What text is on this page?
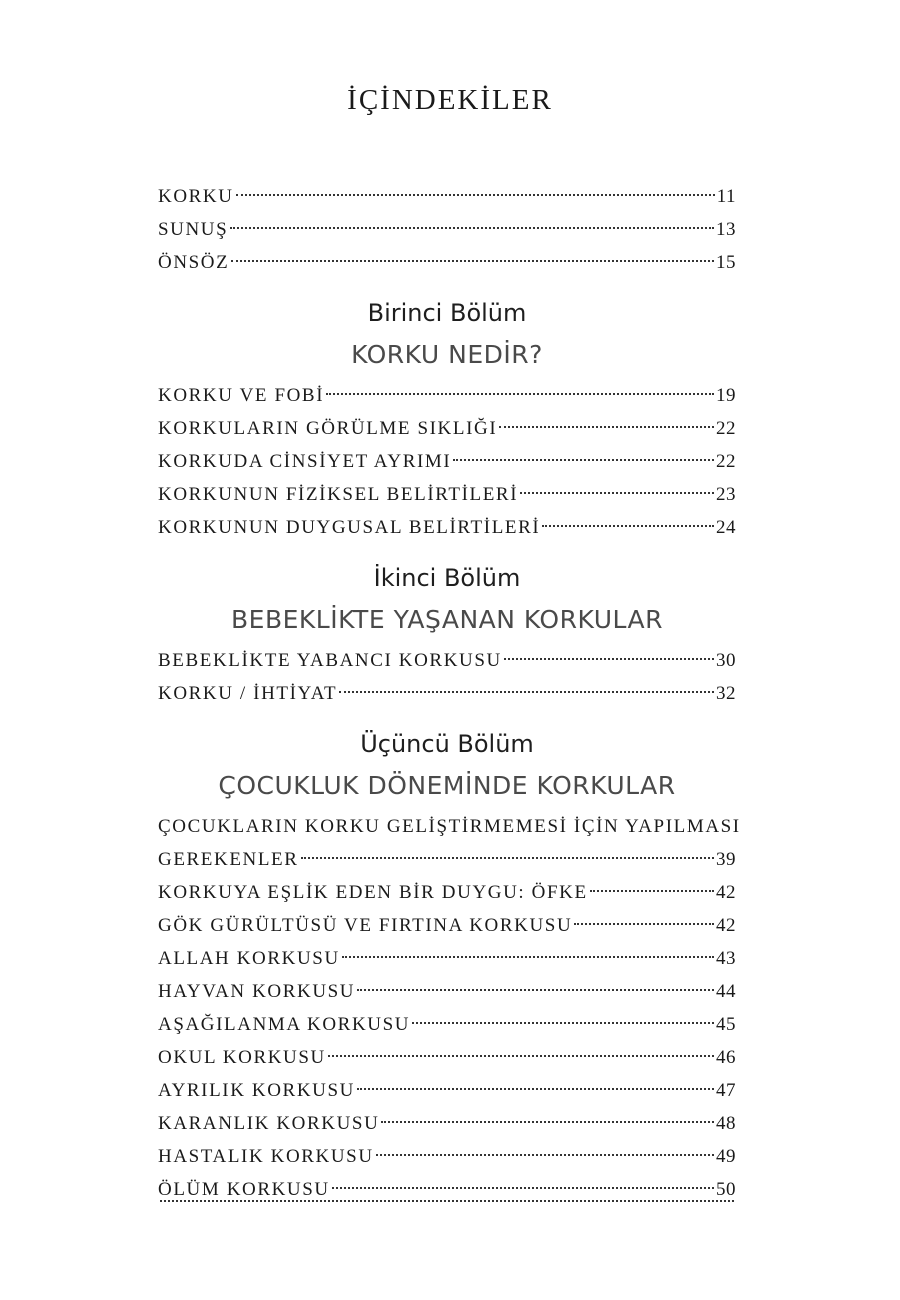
İÇİNDEKİLER
KORKU	11
SUNUŞ	13
ÖNSÖZ	15
Birinci Bölüm
KORKU NEDİR?
KORKU VE FOBİ	19
KORKULARIN GÖRÜLME SIKLIĞI	22
KORKUDA CİNSİYET AYRIMI	22
KORKUNUN FİZİKSEL BELİRTİLERİ	23
KORKUNUN DUYGUSAL BELİRTİLERİ	24
İkinci Bölüm
BEBEKLİKTE YAŞANAN KORKULAR
BEBEKLİKTE YABANCI KORKUSU	30
KORKU / İHTİYAT	32
Üçüncü Bölüm
ÇOCUKLUK DÖNEMİNDE KORKULAR
ÇOCUKLARIN KORKU GELİŞTİRMEMESİ İÇİN YAPILMASI
GEREKENLER	39
KORKUYA EŞLİK EDEN BİR DUYGU: ÖFKE	42
GÖK GÜRÜLTÜSÜ VE FIRTINA KORKUSU	42
ALLAH KORKUSU	43
HAYVAN KORKUSU	44
AŞAĞILANMA KORKUSU	45
OKUL KORKUSU	46
AYRILIK KORKUSU	47
KARANLIK KORKUSU	48
HASTALIK KORKUSU	49
ÖLÜM KORKUSU	50
